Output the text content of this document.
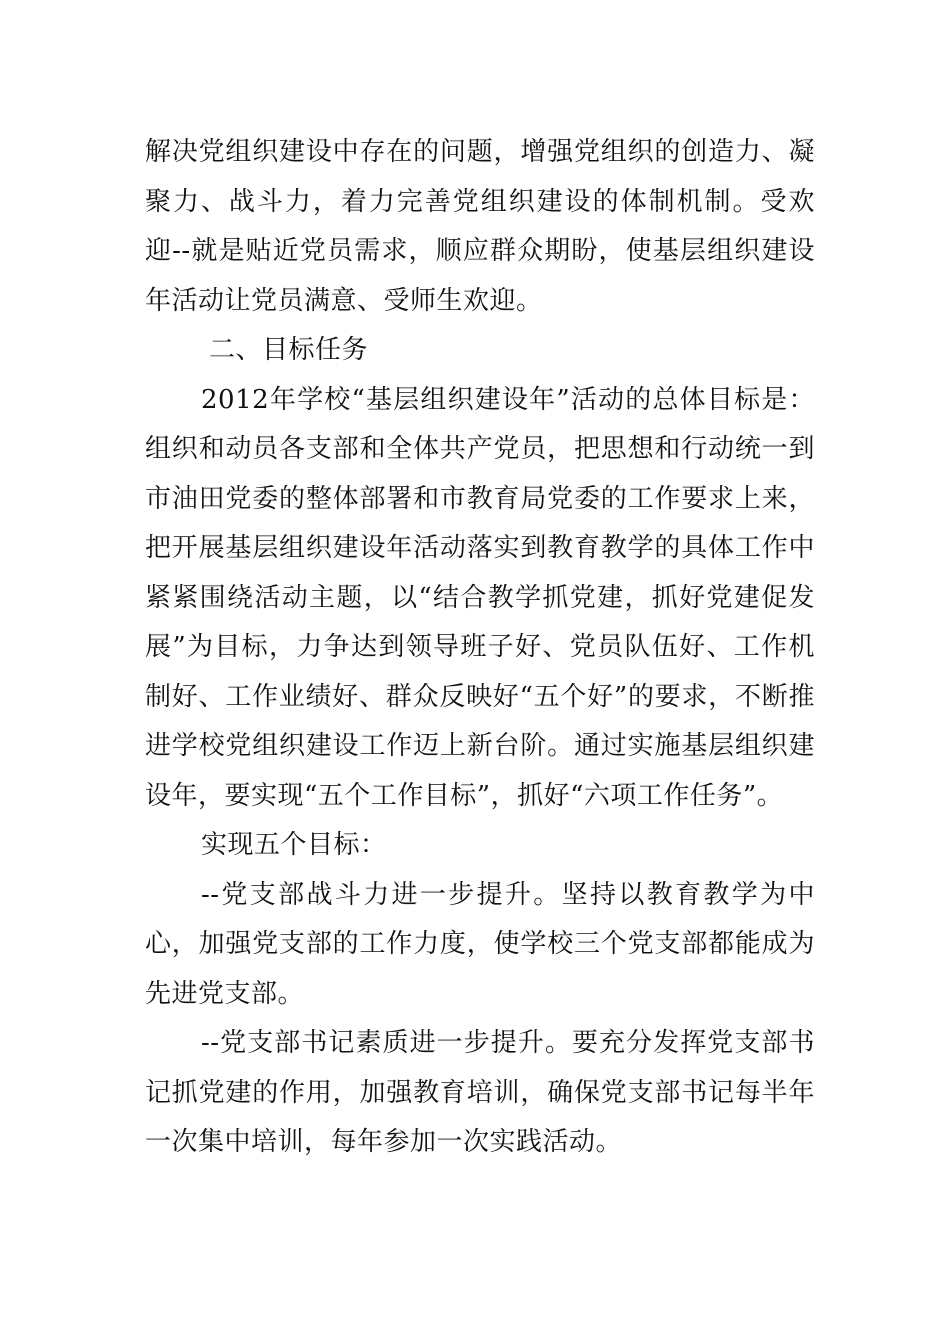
解决党组织建设中存在的问题，增强党组织的创造力、凝聚力、战斗力，着力完善党组织建设的体制机制。受欢迎--就是贴近党员需求，顺应群众期盼，使基层组织建设年活动让党员满意、受师生欢迎。

二、目标任务

2012年学校“基层组织建设年”活动的总体目标是：组织和动员各支部和全体共产党员，把思想和行动统一到市油田党委的整体部署和市教育局党委的工作要求上来，把开展基层组织建设年活动落实到教育教学的具体工作中紧紧围绕活动主题，以“结合教学抓党建，抓好党建促发展”为目标，力争达到领导班子好、党员队伍好、工作机制好、工作业绩好、群众反映好“五个好”的要求，不断推进学校党组织建设工作迈上新台阶。通过实施基层组织建设年，要实现“五个工作目标”，抓好“六项工作任务”。

实现五个目标：

--党支部战斗力进一步提升。坚持以教育教学为中心，加强党支部的工作力度，使学校三个党支部都能成为先进党支部。

--党支部书记素质进一步提升。要充分发挥党支部书记抓党建的作用，加强教育培训，确保党支部书记每半年一次集中培训，每年参加一次实践活动。
